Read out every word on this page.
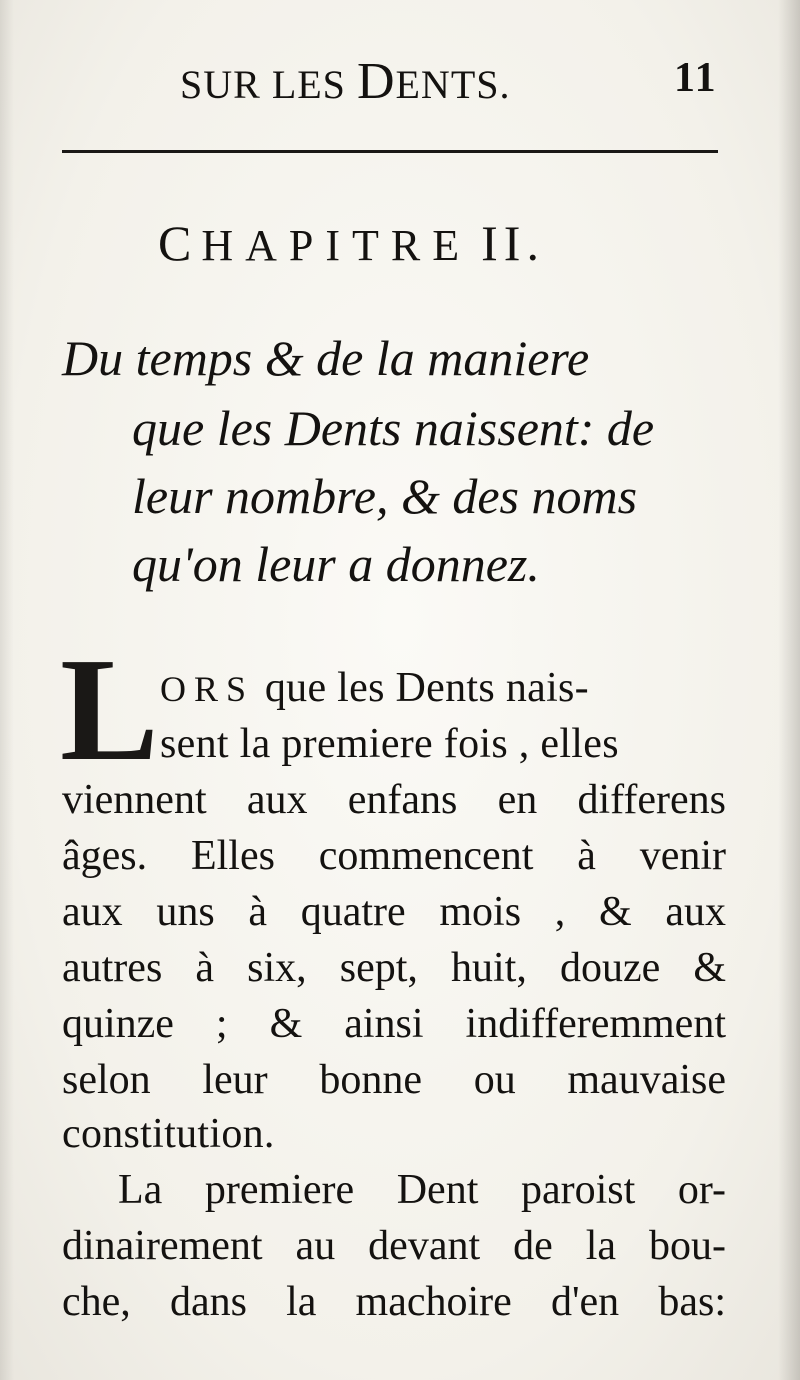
SUR LES DENTS.	11
CHAPITRE II.
Du temps & de la maniere
que les Dents naissent: de
leur nombre, & des noms
qu'on leur a donnez.
L ORS que les Dents nais-
sent la premiere fois , elles
viennent aux enfans en differens
âges. Elles commencent à venir
aux uns à quatre mois , & aux
autres à six, sept, huit, douze &
quinze ; & ainsi indifferemment
selon leur bonne ou mauvaise
constitution.
La premiere Dent paroist or-
dinairement au devant de la bou-
che, dans la machoire d'en bas:
